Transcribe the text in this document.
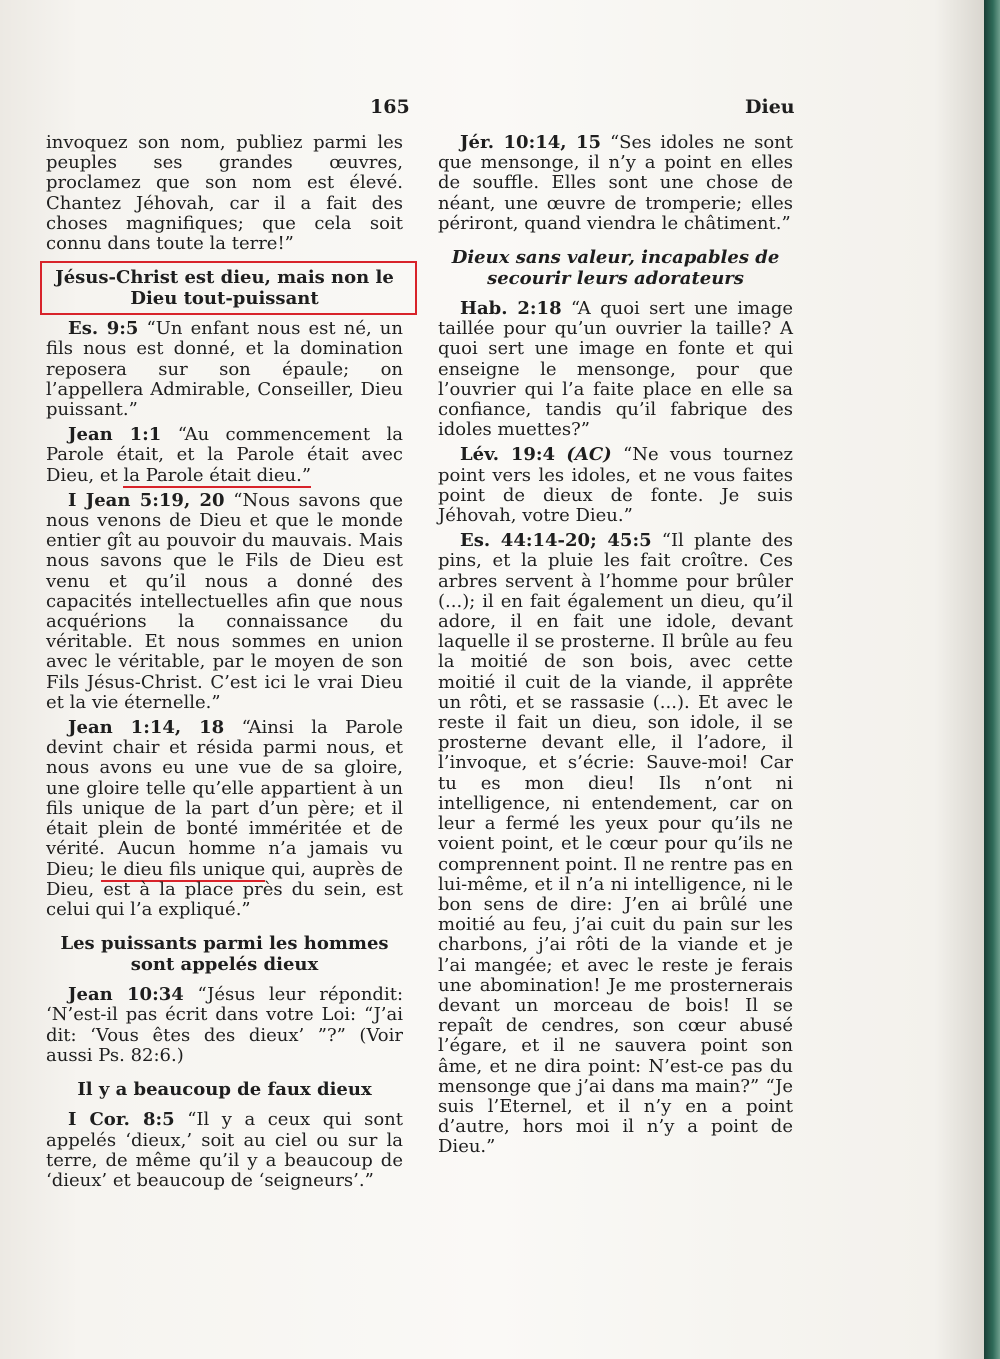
165	Dieu

invoquez son nom, publiez parmi les peuples ses grandes œuvres, proclamez que son nom est élevé. Chantez Jéhovah, car il a fait des choses magnifiques; que cela soit connu dans toute la terre!”

Jésus-Christ est dieu, mais non le Dieu tout-puissant

Es. 9:5 “Un enfant nous est né, un fils nous est donné, et la domination reposera sur son épaule; on l’appellera Admirable, Conseiller, Dieu puissant.”

Jean 1:1 “Au commencement la Parole était, et la Parole était avec Dieu, et la Parole était dieu.”

I Jean 5:19, 20 “Nous savons que nous venons de Dieu et que le monde entier gît au pouvoir du mauvais. Mais nous savons que le Fils de Dieu est venu et qu’il nous a donné des capacités intellectuelles afin que nous acquérions la connaissance du véritable. Et nous sommes en union avec le véritable, par le moyen de son Fils Jésus-Christ. C’est ici le vrai Dieu et la vie éternelle.”

Jean 1:14, 18 “Ainsi la Parole devint chair et résida parmi nous, et nous avons eu une vue de sa gloire, une gloire telle qu’elle appartient à un fils unique de la part d’un père; et il était plein de bonté imméritée et de vérité. Aucun homme n’a jamais vu Dieu; le dieu fils unique qui, auprès de Dieu, est à la place près du sein, est celui qui l’a expliqué.”

Les puissants parmi les hommes sont appelés dieux

Jean 10:34 “Jésus leur répondit: ‘N’est-il pas écrit dans votre Loi: “J’ai dit: ‘Vous êtes des dieux’ ”?” (Voir aussi Ps. 82:6.)

Il y a beaucoup de faux dieux

I Cor. 8:5 “Il y a ceux qui sont appelés ‘dieux,’ soit au ciel ou sur la terre, de même qu’il y a beaucoup de ‘dieux’ et beaucoup de ‘seigneurs’.”

Jér. 10:14, 15 “Ses idoles ne sont que mensonge, il n’y a point en elles de souffle. Elles sont une chose de néant, une œuvre de tromperie; elles périront, quand viendra le châtiment.”

Dieux sans valeur, incapables de secourir leurs adorateurs

Hab. 2:18 “A quoi sert une image taillée pour qu’un ouvrier la taille? A quoi sert une image en fonte et qui enseigne le mensonge, pour que l’ouvrier qui l’a faite place en elle sa confiance, tandis qu’il fabrique des idoles muettes?”

Lév. 19:4 (AC) “Ne vous tournez point vers les idoles, et ne vous faites point de dieux de fonte. Je suis Jéhovah, votre Dieu.”

Es. 44:14-20; 45:5 “Il plante des pins, et la pluie les fait croître. Ces arbres servent à l’homme pour brûler (...); il en fait également un dieu, qu’il adore, il en fait une idole, devant laquelle il se prosterne. Il brûle au feu la moitié de son bois, avec cette moitié il cuit de la viande, il apprête un rôti, et se rassasie (...). Et avec le reste il fait un dieu, son idole, il se prosterne devant elle, il l’adore, il l’invoque, et s’écrie: Sauve-moi! Car tu es mon dieu! Ils n’ont ni intelligence, ni entendement, car on leur a fermé les yeux pour qu’ils ne voient point, et le cœur pour qu’ils ne comprennent point. Il ne rentre pas en lui-même, et il n’a ni intelligence, ni le bon sens de dire: J’en ai brûlé une moitié au feu, j’ai cuit du pain sur les charbons, j’ai rôti de la viande et je l’ai mangée; et avec le reste je ferais une abomination! Je me prosternerais devant un morceau de bois! Il se repaît de cendres, son cœur abusé l’égare, et il ne sauvera point son âme, et ne dira point: N’est-ce pas du mensonge que j’ai dans ma main?” “Je suis l’Eternel, et il n’y en a point d’autre, hors moi il n’y a point de Dieu.”
